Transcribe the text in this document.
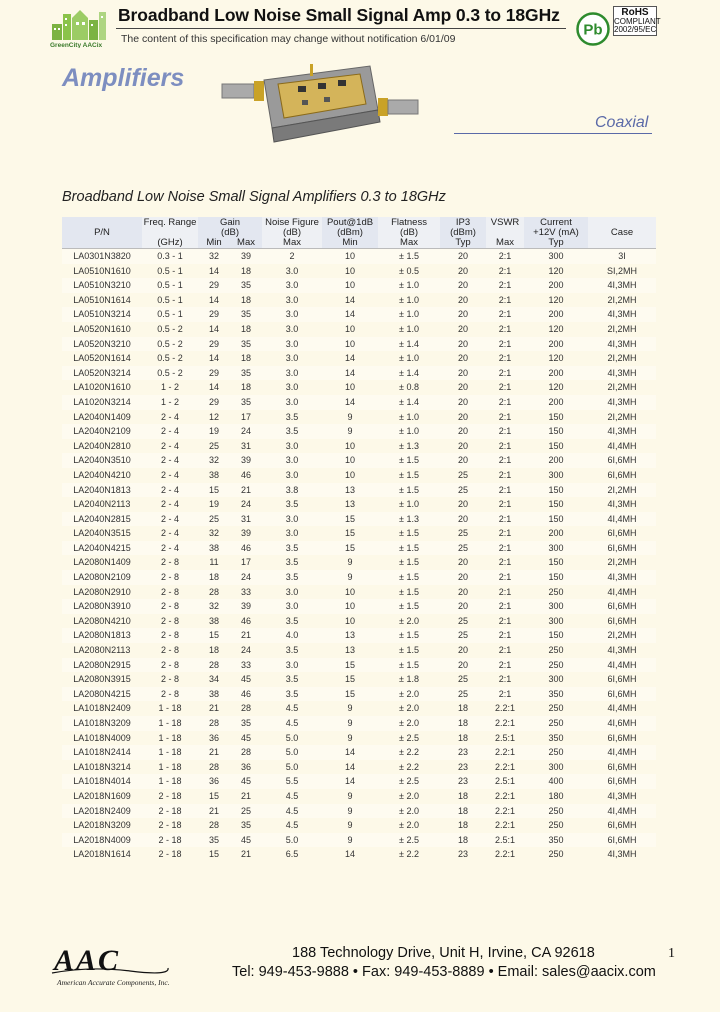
GreenCity AACix
Broadband Low Noise Small Signal Amp 0.3 to 18GHz
The content of this specification may change without notification 6/01/09
Pb
RoHS
COMPLIANT
2002/95/EC
Amplifiers
Coaxial
Broadband Low Noise Small Signal Amplifiers 0.3 to 18GHz
	Freq. Range	Gain		Noise Figure	Pout@1dB	Flatness	IP3	VSWR	Current	
P/N		(dB)		(dB)	(dBm)	(dB)	(dBm)		+12V (mA)	Case
	(GHz)	Min	Max	Max	Min	Max	Typ	Max	Typ	
LA0301N3820	0.3 - 1	32	39	2	10	± 1.5	20	2:1	300	3I
LA0510N1610	0.5 - 1	14	18	3.0	10	± 0.5	20	2:1	120	SI,2MH
LA0510N3210	0.5 - 1	29	35	3.0	10	± 1.0	20	2:1	200	4I,3MH
LA0510N1614	0.5 - 1	14	18	3.0	14	± 1.0	20	2:1	120	2I,2MH
LA0510N3214	0.5 - 1	29	35	3.0	14	± 1.0	20	2:1	200	4I,3MH
LA0520N1610	0.5 - 2	14	18	3.0	10	± 1.0	20	2:1	120	2I,2MH
LA0520N3210	0.5 - 2	29	35	3.0	10	± 1.4	20	2:1	200	4I,3MH
LA0520N1614	0.5 - 2	14	18	3.0	14	± 1.0	20	2:1	120	2I,2MH
LA0520N3214	0.5 - 2	29	35	3.0	14	± 1.4	20	2:1	200	4I,3MH
LA1020N1610	1 - 2	14	18	3.0	10	± 0.8	20	2:1	120	2I,2MH
LA1020N3214	1 - 2	29	35	3.0	14	± 1.4	20	2:1	200	4I,3MH
LA2040N1409	2 - 4	12	17	3.5	9	± 1.0	20	2:1	150	2I,2MH
LA2040N2109	2 - 4	19	24	3.5	9	± 1.0	20	2:1	150	4I,3MH
LA2040N2810	2 - 4	25	31	3.0	10	± 1.3	20	2:1	150	4I,4MH
LA2040N3510	2 - 4	32	39	3.0	10	± 1.5	20	2:1	200	6I,6MH
LA2040N4210	2 - 4	38	46	3.0	10	± 1.5	25	2:1	300	6I,6MH
LA2040N1813	2 - 4	15	21	3.8	13	± 1.5	25	2:1	150	2I,2MH
LA2040N2113	2 - 4	19	24	3.5	13	± 1.0	20	2:1	150	4I,3MH
LA2040N2815	2 - 4	25	31	3.0	15	± 1.3	20	2:1	150	4I,4MH
LA2040N3515	2 - 4	32	39	3.0	15	± 1.5	25	2:1	200	6I,6MH
LA2040N4215	2 - 4	38	46	3.5	15	± 1.5	25	2:1	300	6I,6MH
LA2080N1409	2 - 8	11	17	3.5	9	± 1.5	20	2:1	150	2I,2MH
LA2080N2109	2 - 8	18	24	3.5	9	± 1.5	20	2:1	150	4I,3MH
LA2080N2910	2 - 8	28	33	3.0	10	± 1.5	20	2:1	250	4I,4MH
LA2080N3910	2 - 8	32	39	3.0	10	± 1.5	20	2:1	300	6I,6MH
LA2080N4210	2 - 8	38	46	3.5	10	± 2.0	25	2:1	300	6I,6MH
LA2080N1813	2 - 8	15	21	4.0	13	± 1.5	25	2:1	150	2I,2MH
LA2080N2113	2 - 8	18	24	3.5	13	± 1.5	20	2:1	250	4I,3MH
LA2080N2915	2 - 8	28	33	3.0	15	± 1.5	20	2:1	250	4I,4MH
LA2080N3915	2 - 8	34	45	3.5	15	± 1.8	25	2:1	300	6I,6MH
LA2080N4215	2 - 8	38	46	3.5	15	± 2.0	25	2:1	350	6I,6MH
LA1018N2409	1 - 18	21	28	4.5	9	± 2.0	18	2.2:1	250	4I,4MH
LA1018N3209	1 - 18	28	35	4.5	9	± 2.0	18	2.2:1	250	4I,6MH
LA1018N4009	1 - 18	36	45	5.0	9	± 2.5	18	2.5:1	350	6I,6MH
LA1018N2414	1 - 18	21	28	5.0	14	± 2.2	23	2.2:1	250	4I,4MH
LA1018N3214	1 - 18	28	36	5.0	14	± 2.2	23	2.2:1	300	6I,6MH
LA1018N4014	1 - 18	36	45	5.5	14	± 2.5	23	2.5:1	400	6I,6MH
LA2018N1609	2 - 18	15	21	4.5	9	± 2.0	18	2.2:1	180	4I,3MH
LA2018N2409	2 - 18	21	25	4.5	9	± 2.0	18	2.2:1	250	4I,4MH
LA2018N3209	2 - 18	28	35	4.5	9	± 2.0	18	2.2:1	250	6I,6MH
LA2018N4009	2 - 18	35	45	5.0	9	± 2.5	18	2.5:1	350	6I,6MH
LA2018N1614	2 - 18	15	21	6.5	14	± 2.2	23	2.2:1	250	4I,3MH
AAC
American Accurate Components, Inc.
188 Technology Drive, Unit H, Irvine, CA 92618
Tel: 949-453-9888 • Fax: 949-453-8889 • Email: sales@aacix.com
1
